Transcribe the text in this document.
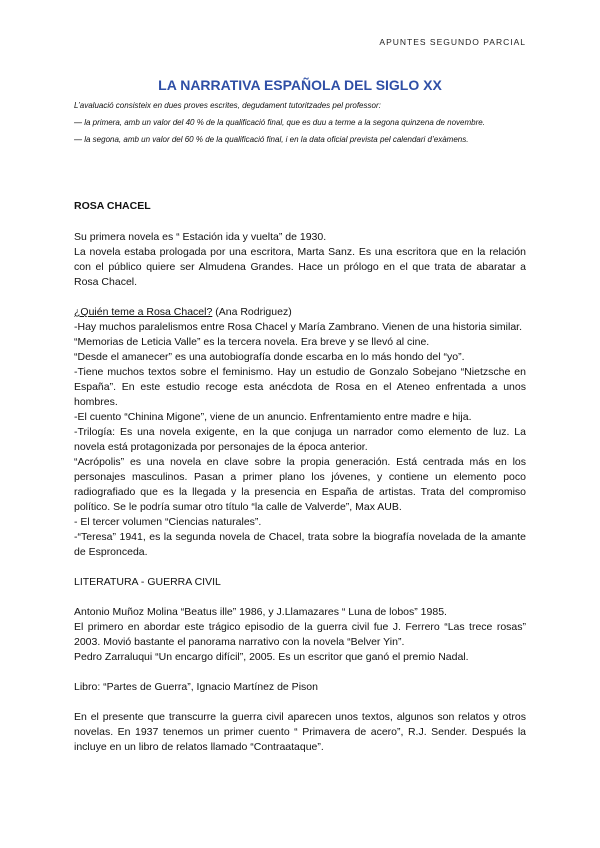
APUNTES SEGUNDO PARCIAL
LA NARRATIVA ESPAÑOLA DEL SIGLO XX

L’avaluació consisteix en dues proves escrites, degudament tutoritzades pel professor:

— la primera, amb un valor del 40 % de la qualificació final, que es duu a terme a la segona quinzena de novembre.

— la segona, amb un valor del 60 % de la qualificació final, i en la data oficial prevista pel calendari d’exàmens.

ROSA CHACEL

Su primera novela es “ Estación ida y vuelta” de 1930.

La novela estaba prologada por una escritora, Marta Sanz. Es una escritora que en la relación con el público quiere ser Almudena Grandes. Hace un prólogo en el que trata de abaratar a Rosa Chacel.

¿Quién teme a Rosa Chacel? (Ana Rodriguez)

-Hay muchos paralelismos entre Rosa Chacel y María Zambrano. Vienen de una historia similar.

“Memorias de Leticia Valle” es la tercera novela. Era breve y se llevó al cine.

“Desde el amanecer” es una autobiografía donde escarba en lo más hondo del “yo”.

-Tiene muchos textos sobre el feminismo. Hay un estudio de Gonzalo Sobejano “Nietzsche en España”. En este estudio recoge esta anécdota de Rosa en el Ateneo enfrentada a unos hombres.

-El cuento “Chinina Migone”, viene de un anuncio. Enfrentamiento entre madre e hija.

-Trilogía: Es una novela exigente, en la que conjuga un narrador como elemento de luz. La novela está protagonizada por personajes de la época anterior.

“Acrópolis” es una novela en clave sobre la propia generación. Está centrada más en los personajes masculinos. Pasan a primer plano los jóvenes, y contiene un elemento poco radiografiado que es la llegada y la presencia en España de artistas. Trata del compromiso político. Se le podría sumar otro título “la calle de Valverde”, Max AUB.

- El tercer volumen “Ciencias naturales”.

-“Teresa” 1941, es la segunda novela de Chacel, trata sobre la biografía novelada de la amante de Espronceda.

LITERATURA - GUERRA CIVIL

Antonio Muñoz Molina “Beatus ille” 1986, y J.Llamazares “ Luna de lobos” 1985.

El primero en abordar este trágico episodio de la guerra civil fue J. Ferrero “Las trece rosas” 2003. Movió bastante el panorama narrativo con la novela “Belver Yin”.

Pedro Zarraluqui “Un encargo difícil”, 2005. Es un escritor que ganó el premio Nadal.

Libro: “Partes de Guerra”, Ignacio Martínez de Pison

En el presente que transcurre la guerra civil aparecen unos textos, algunos son relatos y otros novelas. En 1937 tenemos un primer cuento “ Primavera de acero”, R.J. Sender. Después la incluye en un libro de relatos llamado “Contraataque”.
